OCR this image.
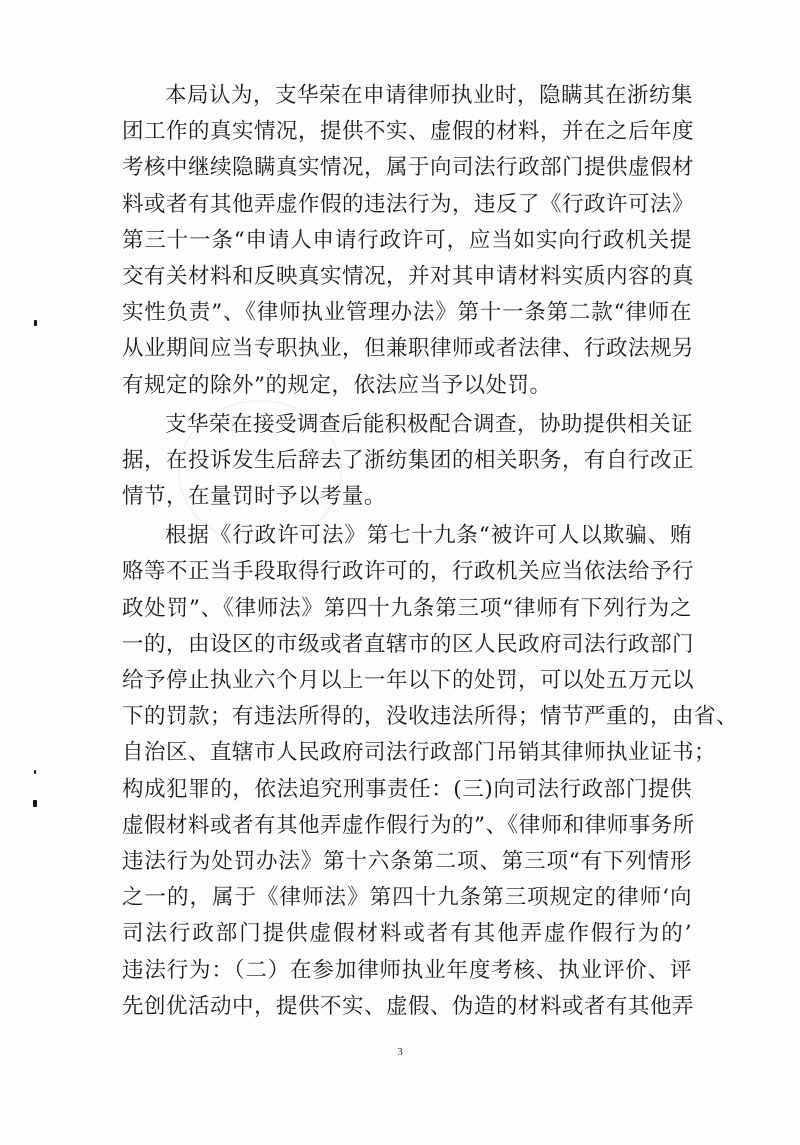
本局认为，支华荣在申请律师执业时，隐瞒其在浙纺集
团工作的真实情况，提供不实、虚假的材料，并在之后年度
考核中继续隐瞒真实情况，属于向司法行政部门提供虚假材
料或者有其他弄虚作假的违法行为，违反了《行政许可法》
第三十一条“申请人申请行政许可，应当如实向行政机关提
交有关材料和反映真实情况，并对其申请材料实质内容的真
实性负责”、《律师执业管理办法》第十一条第二款“律师在
从业期间应当专职执业，但兼职律师或者法律、行政法规另
有规定的除外”的规定，依法应当予以处罚。
支华荣在接受调查后能积极配合调查，协助提供相关证
据，在投诉发生后辞去了浙纺集团的相关职务，有自行改正
情节，在量罚时予以考量。
根据《行政许可法》第七十九条“被许可人以欺骗、贿
赂等不正当手段取得行政许可的，行政机关应当依法给予行
政处罚”、《律师法》第四十九条第三项“律师有下列行为之
一的，由设区的市级或者直辖市的区人民政府司法行政部门
给予停止执业六个月以上一年以下的处罚，可以处五万元以
下的罚款；有违法所得的，没收违法所得；情节严重的，由省、
自治区、直辖市人民政府司法行政部门吊销其律师执业证书；
构成犯罪的，依法追究刑事责任：(三)向司法行政部门提供
虚假材料或者有其他弄虚作假行为的”、《律师和律师事务所
违法行为处罚办法》第十六条第二项、第三项“有下列情形
之一的，属于《律师法》第四十九条第三项规定的律师‘向
司法行政部门提供虚假材料或者有其他弄虚作假行为的’
违法行为：（二）在参加律师执业年度考核、执业评价、评
先创优活动中，提供不实、虚假、伪造的材料或者有其他弄
3
